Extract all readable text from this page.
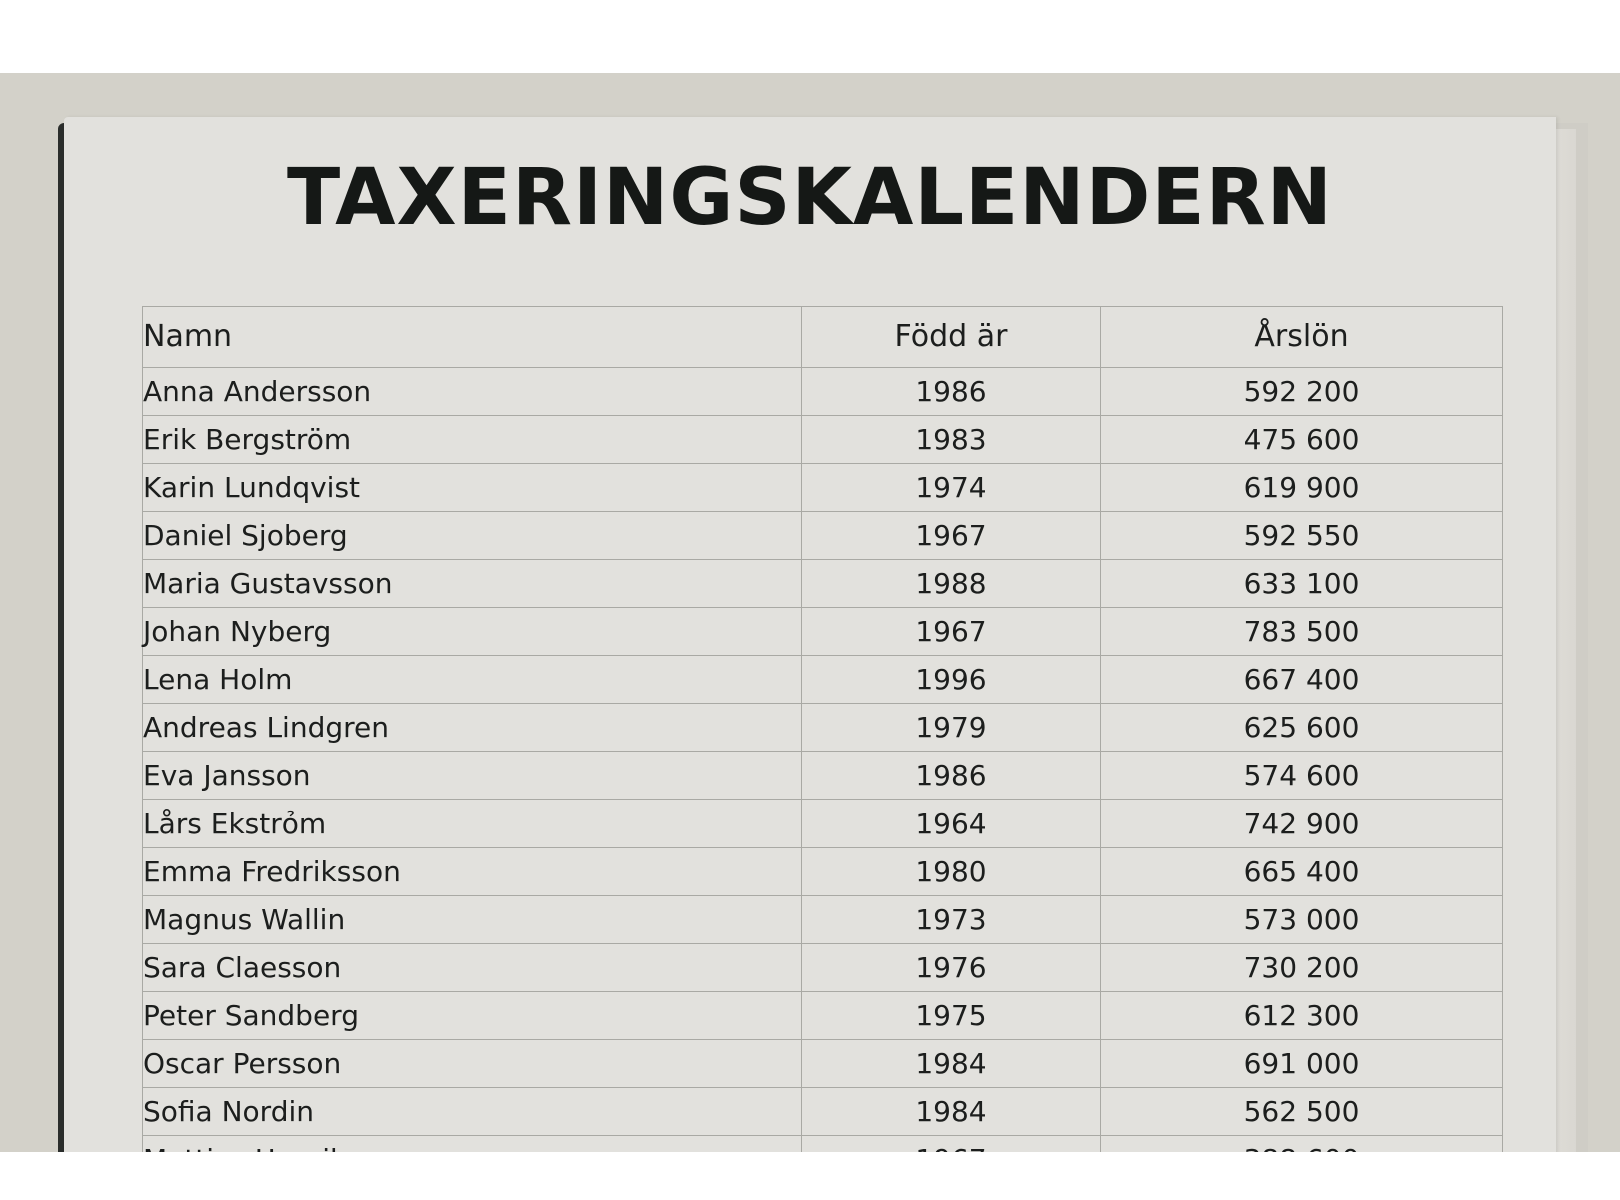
TAXERINGSKALENDERN
Namn	Född är	Årslön
Anna Andersson	1986	592 200
Erik Bergström	1983	475 600
Karin Lundqvist	1974	619 900
Daniel Sjoberg	1967	592 550
Maria Gustavsson	1988	633 100
Johan Nyberg	1967	783 500
Lena Holm	1996	667 400
Andreas Lindgren	1979	625 600
Eva Jansson	1986	574 600
Lårs Ekstrỏm	1964	742 900
Emma Fredriksson	1980	665 400
Magnus Wallin	1973	573 000
Sara Claesson	1976	730 200
Peter Sandberg	1975	612 300
Oscar Persson	1984	691 000
Sofia Nordin	1984	562 500
